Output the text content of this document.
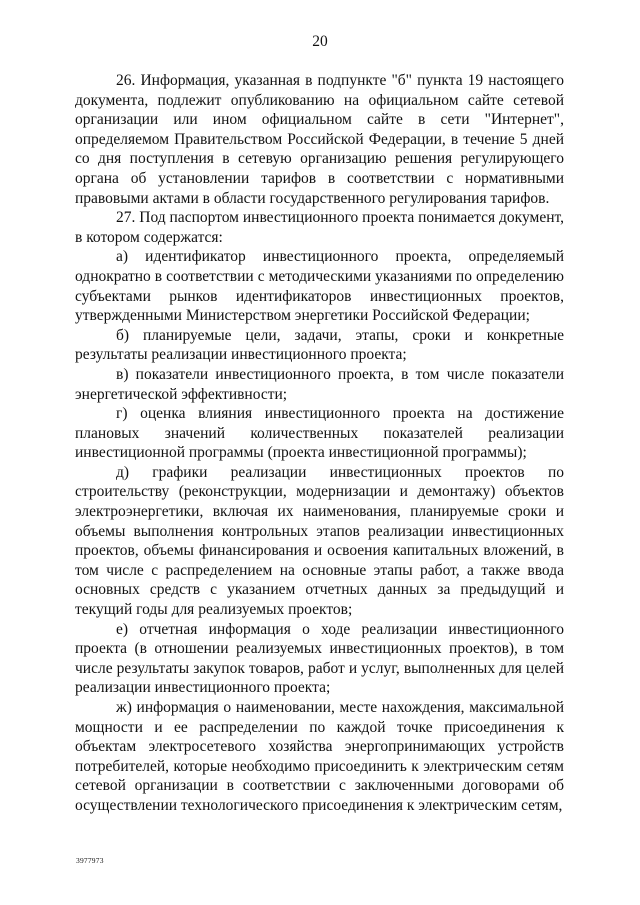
20

26. Информация, указанная в подпункте "б" пункта 19 настоящего документа, подлежит опубликованию на официальном сайте сетевой организации или ином официальном сайте в сети "Интернет", определяемом Правительством Российской Федерации, в течение 5 дней со дня поступления в сетевую организацию решения регулирующего органа об установлении тарифов в соответствии с нормативными правовыми актами в области государственного регулирования тарифов.

27. Под паспортом инвестиционного проекта понимается документ, в котором содержатся:

а) идентификатор инвестиционного проекта, определяемый однократно в соответствии с методическими указаниями по определению субъектами рынков идентификаторов инвестиционных проектов, утвержденными Министерством энергетики Российской Федерации;

б) планируемые цели, задачи, этапы, сроки и конкретные результаты реализации инвестиционного проекта;

в) показатели инвестиционного проекта, в том числе показатели энергетической эффективности;

г) оценка влияния инвестиционного проекта на достижение плановых значений количественных показателей реализации инвестиционной программы (проекта инвестиционной программы);

д) графики реализации инвестиционных проектов по строительству (реконструкции, модернизации и демонтажу) объектов электроэнергетики, включая их наименования, планируемые сроки и объемы выполнения контрольных этапов реализации инвестиционных проектов, объемы финансирования и освоения капитальных вложений, в том числе с распределением на основные этапы работ, а также ввода основных средств с указанием отчетных данных за предыдущий и текущий годы для реализуемых проектов;

е) отчетная информация о ходе реализации инвестиционного проекта (в отношении реализуемых инвестиционных проектов), в том числе результаты закупок товаров, работ и услуг, выполненных для целей реализации инвестиционного проекта;

ж) информация о наименовании, месте нахождения, максимальной мощности и ее распределении по каждой точке присоединения к объектам электросетевого хозяйства энергопринимающих устройств потребителей, которые необходимо присоединить к электрическим сетям сетевой организации в соответствии с заключенными договорами об осуществлении технологического присоединения к электрическим сетям,

3977973
